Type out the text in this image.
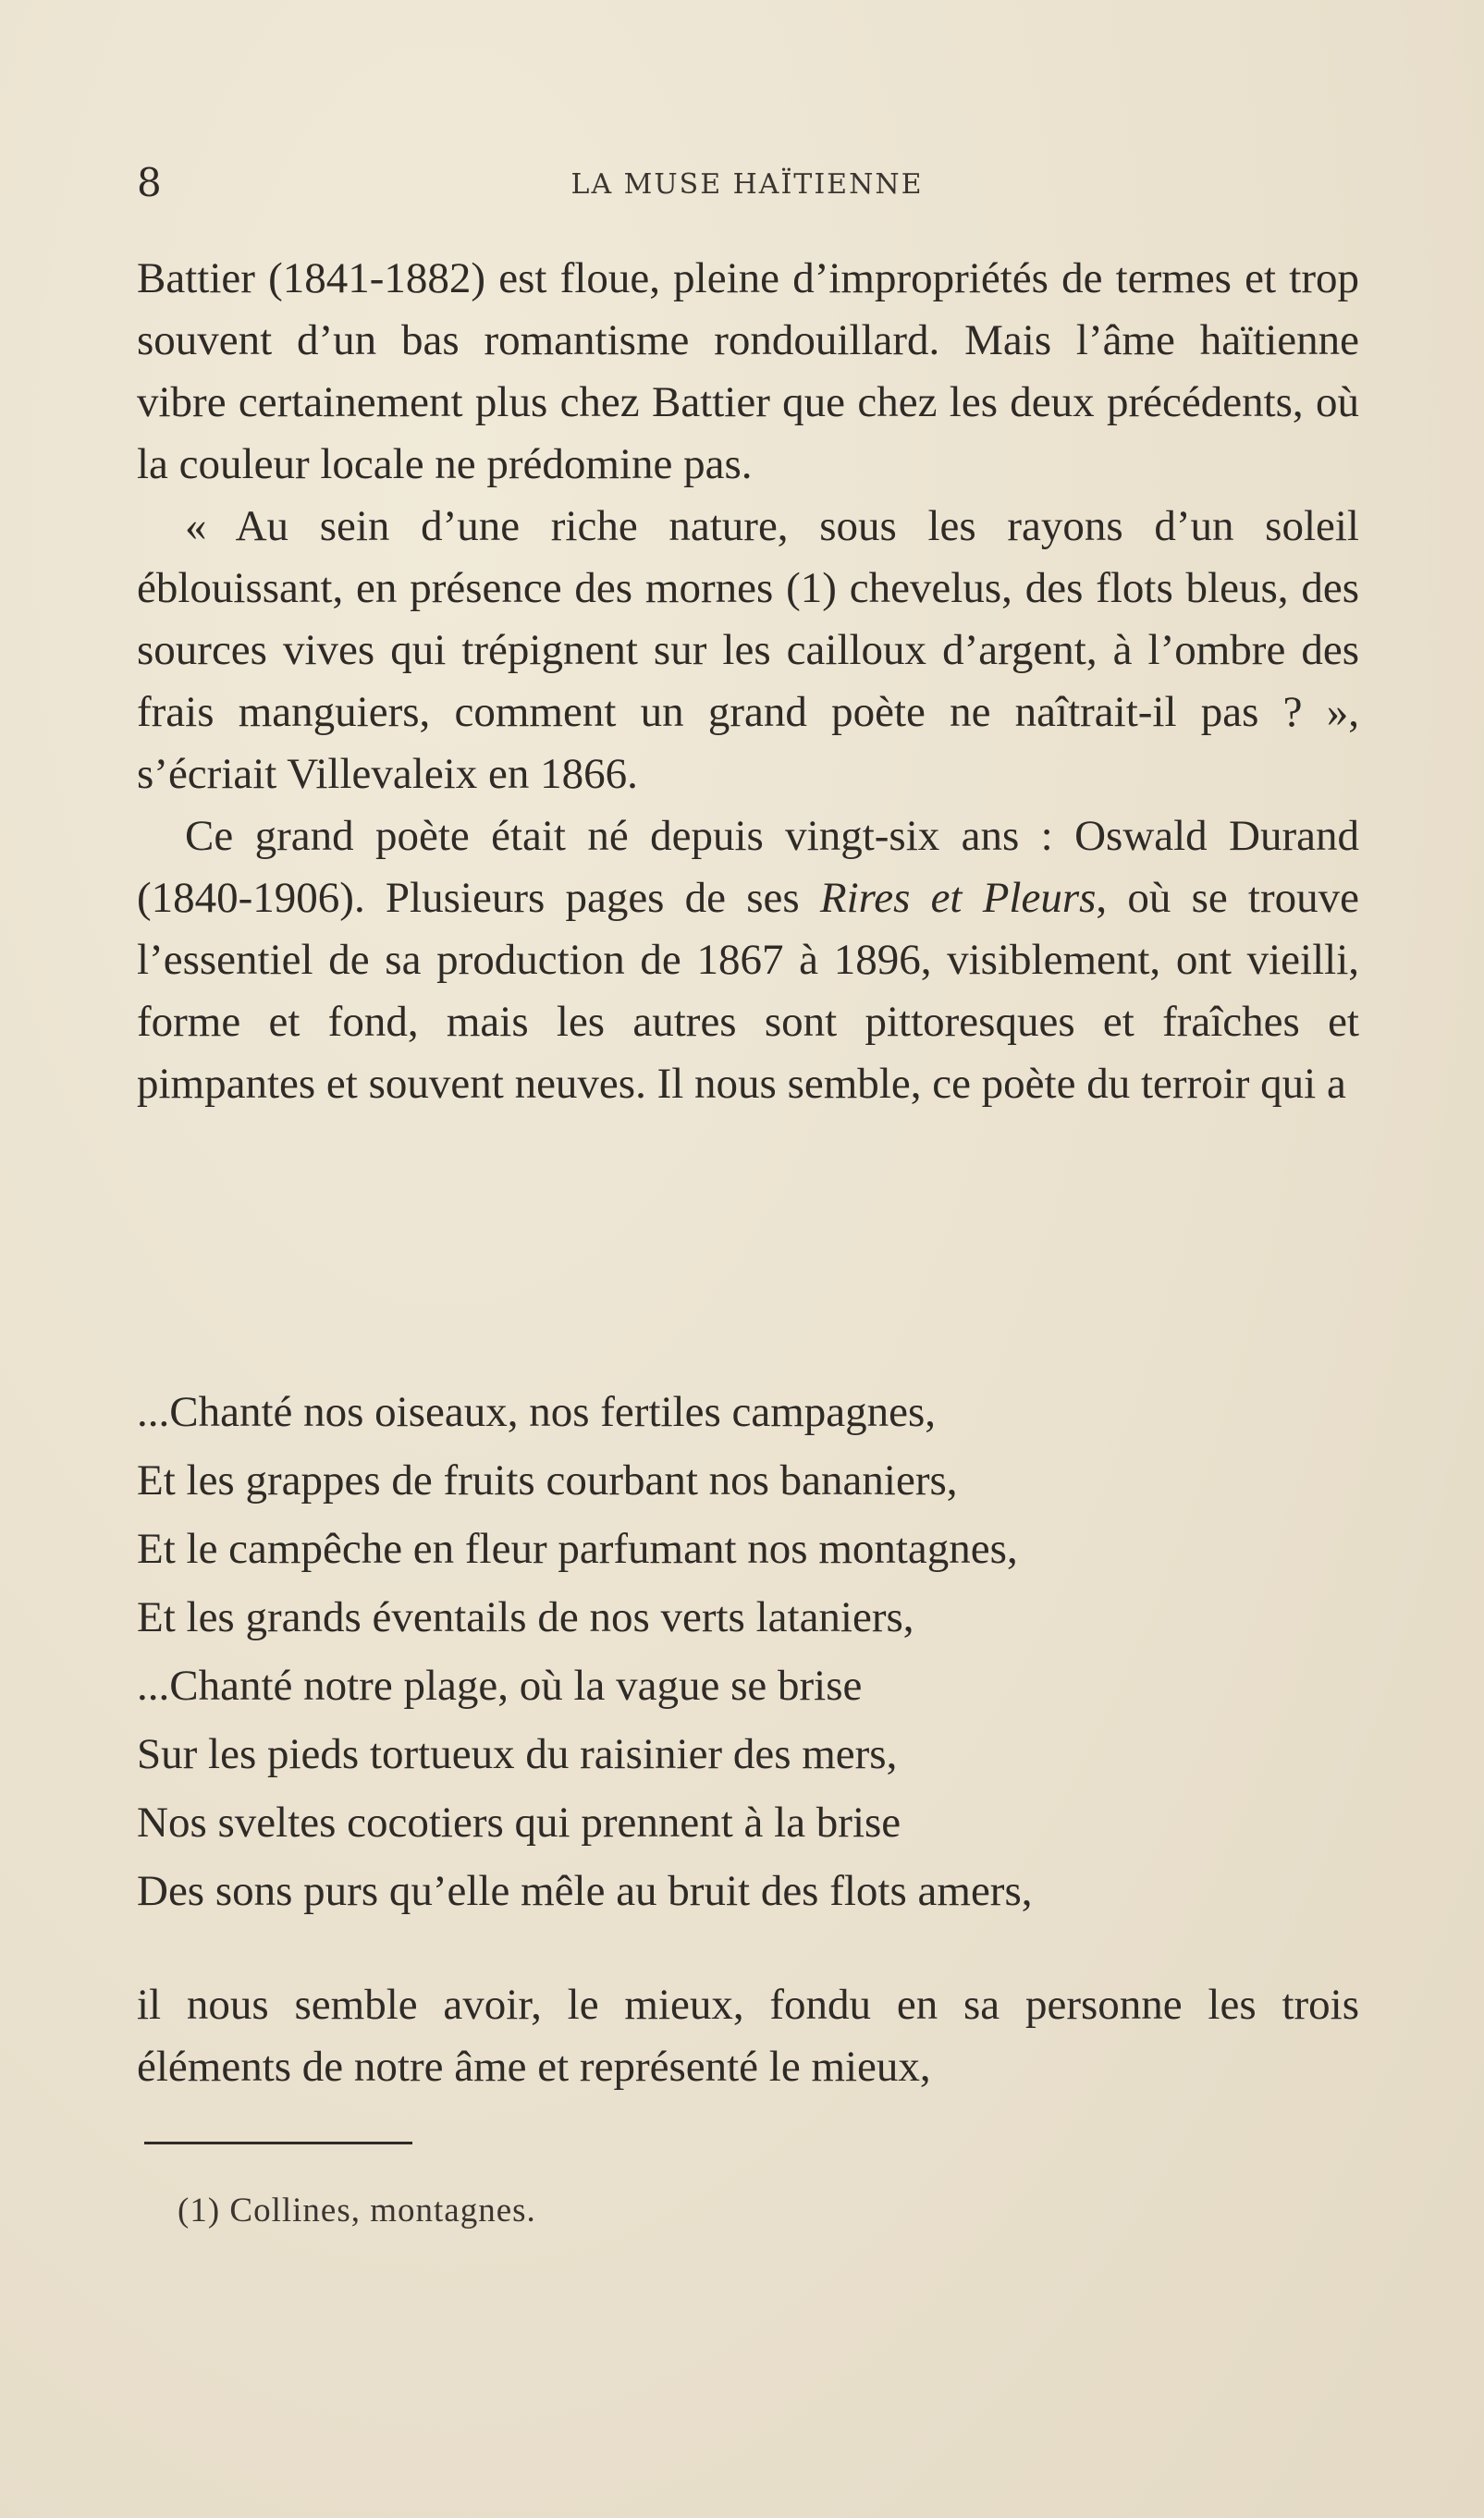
8	LA MUSE HAÏTIENNE

Battier (1841-1882) est floue, pleine d’impropriétés de termes et trop souvent d’un bas romantisme rondouillard. Mais l’âme haïtienne vibre certainement plus chez Battier que chez les deux précédents, où la couleur locale ne prédomine pas.

« Au sein d’une riche nature, sous les rayons d’un soleil éblouissant, en présence des mornes (1) chevelus, des flots bleus, des sources vives qui trépignent sur les cailloux d’argent, à l’ombre des frais manguiers, comment un grand poète ne naîtrait-il pas ? », s’écriait Villevaleix en 1866.

Ce grand poète était né depuis vingt-six ans : Oswald Durand (1840-1906). Plusieurs pages de ses Rires et Pleurs, où se trouve l’essentiel de sa production de 1867 à 1896, visiblement, ont vieilli, forme et fond, mais les autres sont pittoresques et fraîches et pimpantes et souvent neuves. Il nous semble, ce poète du terroir qui a

...Chanté nos oiseaux, nos fertiles campagnes,
Et les grappes de fruits courbant nos bananiers,
Et le campêche en fleur parfumant nos montagnes,
Et les grands éventails de nos verts lataniers,
...Chanté notre plage, où la vague se brise
Sur les pieds tortueux du raisinier des mers,
Nos sveltes cocotiers qui prennent à la brise
Des sons purs qu’elle mêle au bruit des flots amers,

il nous semble avoir, le mieux, fondu en sa personne les trois éléments de notre âme et représenté le mieux,

(1) Collines, montagnes.
